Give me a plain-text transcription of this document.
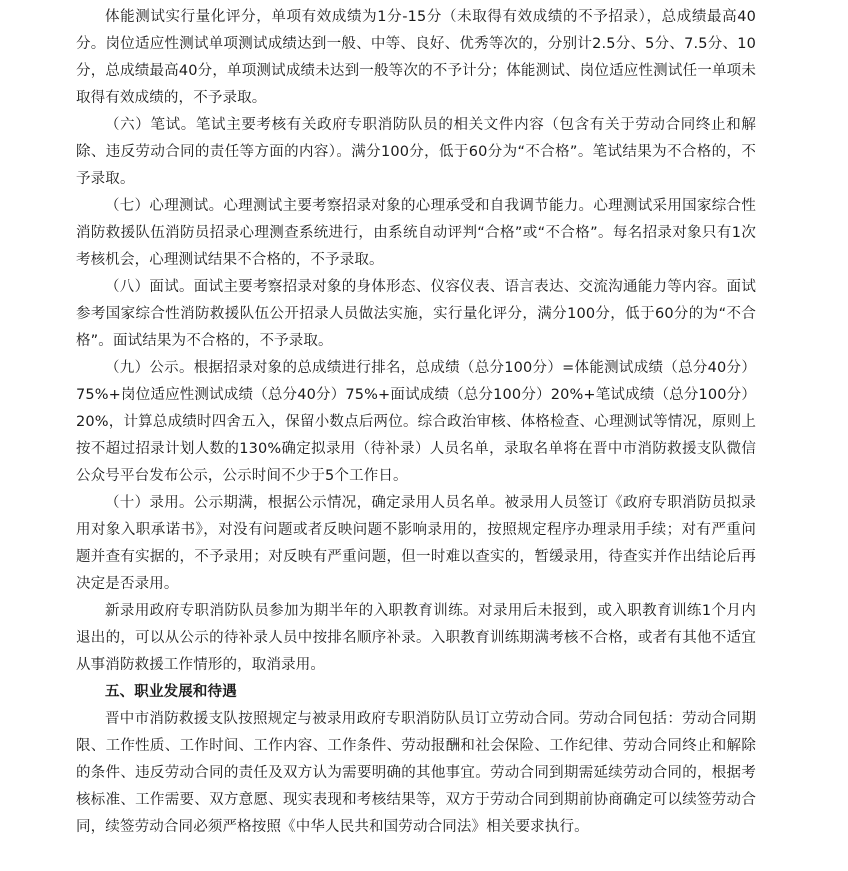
体能测试实行量化评分，单项有效成绩为1分-15分（未取得有效成绩的不予招录），总成绩最高40分。岗位适应性测试单项测试成绩达到一般、中等、良好、优秀等次的，分别计2.5分、5分、7.5分、10分，总成绩最高40分，单项测试成绩未达到一般等次的不予计分；体能测试、岗位适应性测试任一单项未取得有效成绩的，不予录取。

（六）笔试。笔试主要考核有关政府专职消防队员的相关文件内容（包含有关于劳动合同终止和解除、违反劳动合同的责任等方面的内容）。满分100分，低于60分为“不合格”。笔试结果为不合格的，不予录取。

（七）心理测试。心理测试主要考察招录对象的心理承受和自我调节能力。心理测试采用国家综合性消防救援队伍消防员招录心理测查系统进行，由系统自动评判“合格”或“不合格”。每名招录对象只有1次考核机会，心理测试结果不合格的，不予录取。

（八）面试。面试主要考察招录对象的身体形态、仪容仪表、语言表达、交流沟通能力等内容。面试参考国家综合性消防救援队伍公开招录人员做法实施，实行量化评分，满分100分，低于60分的为“不合格”。面试结果为不合格的，不予录取。

（九）公示。根据招录对象的总成绩进行排名，总成绩（总分100分）=体能测试成绩（总分40分）75%+岗位适应性测试成绩（总分40分）75%+面试成绩（总分100分）20%+笔试成绩（总分100分）20%，计算总成绩时四舍五入，保留小数点后两位。综合政治审核、体格检查、心理测试等情况，原则上按不超过招录计划人数的130%确定拟录用（待补录）人员名单，录取名单将在晋中市消防救援支队微信公众号平台发布公示，公示时间不少于5个工作日。

（十）录用。公示期满，根据公示情况，确定录用人员名单。被录用人员签订《政府专职消防员拟录用对象入职承诺书》，对没有问题或者反映问题不影响录用的，按照规定程序办理录用手续；对有严重问题并查有实据的，不予录用；对反映有严重问题，但一时难以查实的，暂缓录用，待查实并作出结论后再决定是否录用。

新录用政府专职消防队员参加为期半年的入职教育训练。对录用后未报到，或入职教育训练1个月内退出的，可以从公示的待补录人员中按排名顺序补录。入职教育训练期满考核不合格，或者有其他不适宜从事消防救援工作情形的，取消录用。

五、职业发展和待遇

晋中市消防救援支队按照规定与被录用政府专职消防队员订立劳动合同。劳动合同包括：劳动合同期限、工作性质、工作时间、工作内容、工作条件、劳动报酬和社会保险、工作纪律、劳动合同终止和解除的条件、违反劳动合同的责任及双方认为需要明确的其他事宜。劳动合同到期需延续劳动合同的，根据考核标准、工作需要、双方意愿、现实表现和考核结果等，双方于劳动合同到期前协商确定可以续签劳动合同，续签劳动合同必须严格按照《中华人民共和国劳动合同法》相关要求执行。
